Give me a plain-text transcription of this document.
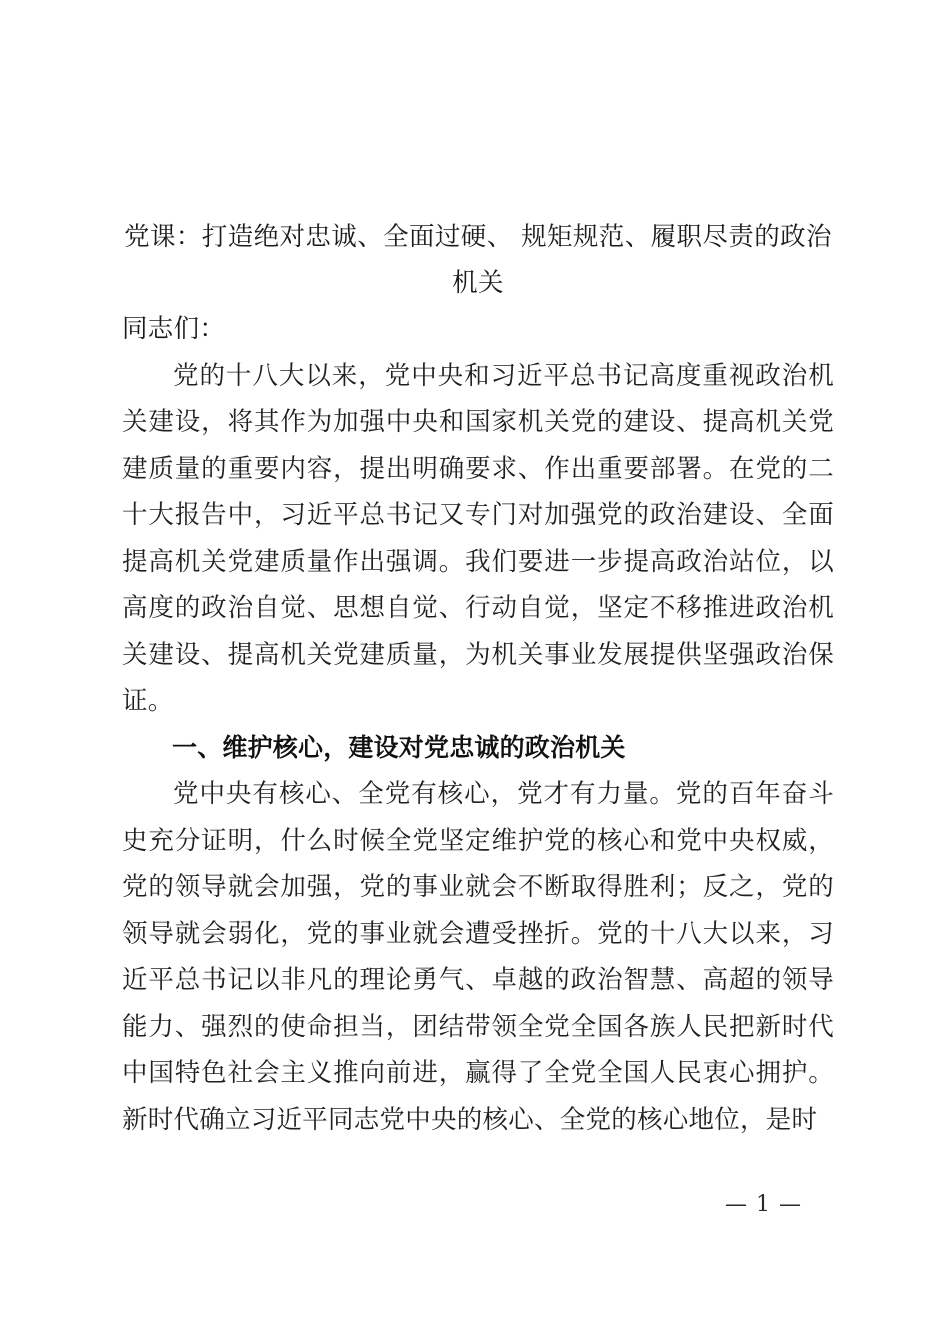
党课：打造绝对忠诚、全面过硬、 规矩规范、履职尽责的政治机关

同志们：

党的十八大以来，党中央和习近平总书记高度重视政治机关建设，将其作为加强中央和国家机关党的建设、提高机关党建质量的重要内容，提出明确要求、作出重要部署。在党的二十大报告中，习近平总书记又专门对加强党的政治建设、全面提高机关党建质量作出强调。我们要进一步提高政治站位，以高度的政治自觉、思想自觉、行动自觉，坚定不移推进政治机关建设、提高机关党建质量，为机关事业发展提供坚强政治保证。

一、维护核心，建设对党忠诚的政治机关

党中央有核心、全党有核心，党才有力量。党的百年奋斗史充分证明，什么时候全党坚定维护党的核心和党中央权威，党的领导就会加强，党的事业就会不断取得胜利；反之，党的领导就会弱化，党的事业就会遭受挫折。党的十八大以来，习近平总书记以非凡的理论勇气、卓越的政治智慧、高超的领导能力、强烈的使命担当，团结带领全党全国各族人民把新时代中国特色社会主义推向前进，赢得了全党全国人民衷心拥护。新时代确立习近平同志党中央的核心、全党的核心地位，是时

— 1 —
